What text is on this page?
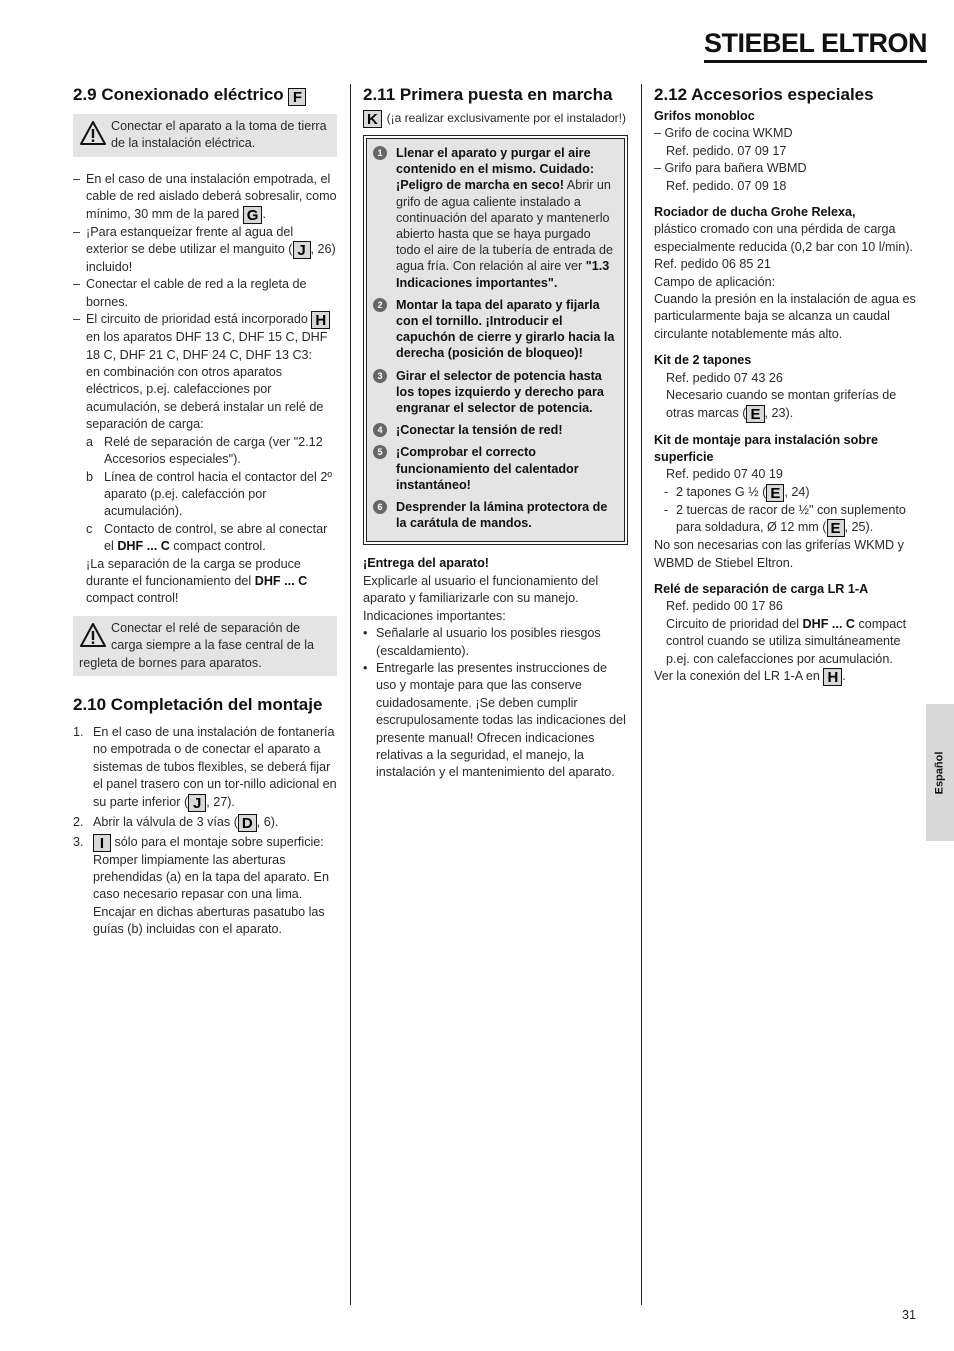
STIEBEL ELTRON
2.9 Conexionado eléctrico F
Conectar el aparato a la toma de tierra de la instalación eléctrica.
– En el caso de una instalación empotrada, el cable de red aislado deberá sobresalir, como mínimo, 30 mm de la pared G .
– ¡Para estanqueizar frente al agua del exterior se debe utilizar el manguito ( J , 26) incluido!
– Conectar el cable de red a la regleta de bornes.
– El circuito de prioridad está incorporado H en los aparatos DHF 13 C, DHF 15 C, DHF 18 C, DHF 21 C, DHF 24 C, DHF 13 C3:
en combinación con otros aparatos eléctricos, p.ej. calefacciones por acumulación, se deberá instalar un relé de separación de carga:
a Relé de separación de carga (ver "2.12 Accesorios especiales").
b Línea de control hacia el contactor del 2º aparato (p.ej. calefacción por acumulación).
c Contacto de control, se abre al conectar el DHF ... C compact control.
¡La separación de la carga se produce durante el funcionamiento del DHF ... C compact control!
Conectar el relé de separación de carga siempre a la fase central de la regleta de bornes para aparatos.
2.10 Completación del montaje
1. En el caso de una instalación de fontanería no empotrada o de conectar el aparato a sistemas de tubos flexibles, se deberá fijar el panel trasero con un tor-nillo adicional en su parte inferior ( J , 27).
2. Abrir la válvula de 3 vías ( D , 6).
3. I sólo para el montaje sobre superficie:
Romper limpiamente las aberturas prehendidas (a) en la tapa del aparato. En caso necesario repasar con una lima. Encajar en dichas aberturas pasatubo las guías (b) incluidas con el aparato.
2.11 Primera puesta en marcha K (¡a realizar exclusivamente por el instalador!)
1	Llenar el aparato y purgar el aire contenido en el mismo. Cuidado: ¡Peligro de marcha en seco! Abrir un grifo de agua caliente instalado a continuación del aparato y mantenerlo abierto hasta que se haya purgado todo el aire de la tubería de entrada de agua fría. Con relación al aire ver "1.3 Indicaciones importantes".
2	Montar la tapa del aparato y fijarla con el tornillo. ¡Introducir el capuchón de cierre y girarlo hacia la derecha (posición de bloqueo)!
3	Girar el selector de potencia hasta los topes izquierdo y derecho para engranar el selector de potencia.
4	¡Conectar la tensión de red!
5	¡Comprobar el correcto funcionamiento del calentador instantáneo!
6	Desprender la lámina protectora de la carátula de mandos.
¡Entrega del aparato!
Explicarle al usuario el funcionamiento del aparato y familiarizarle con su manejo.
Indicaciones importantes:
• Señalarle al usuario los posibles riesgos (escaldamiento).
• Entregarle las presentes instrucciones de uso y montaje para que las conserve cuidadosamente. ¡Se deben cumplir escrupulosamente todas las indicaciones del presente manual! Ofrecen indicaciones relativas a la seguridad, el manejo, la instalación y el mantenimiento del aparato.
2.12 Accesorios especiales
Grifos monobloc
– Grifo de cocina WKMD
Ref. pedido. 07 09 17
– Grifo para bañera WBMD
Ref. pedido. 07 09 18
Rociador de ducha Grohe Relexa,
plástico cromado con una pérdida de carga especialmente reducida (0,2 bar con 10 l/min).
Ref. pedido 06 85 21
Campo de aplicación:
Cuando la presión en la instalación de agua es particularmente baja se alcanza un caudal circulante notablemente más alto.
Kit de 2 tapones
Ref. pedido 07 43 26
Necesario cuando se montan griferías de otras marcas ( E , 23).
Kit de montaje para instalación sobre superficie
Ref. pedido 07 40 19
- 2 tapones G ½ ( E , 24)
- 2 tuercas de racor de ½" con suplemento para soldadura, Ø 12 mm ( E , 25).
No son necesarias con las griferías WKMD y WBMD de Stiebel Eltron.
Relé de separación de carga LR 1-A
Ref. pedido 00 17 86
Circuito de prioridad del DHF ... C compact control cuando se utiliza simultáneamente p.ej. con calefacciones por acumulación.
Ver la conexión del LR 1-A en H .
Español
31
